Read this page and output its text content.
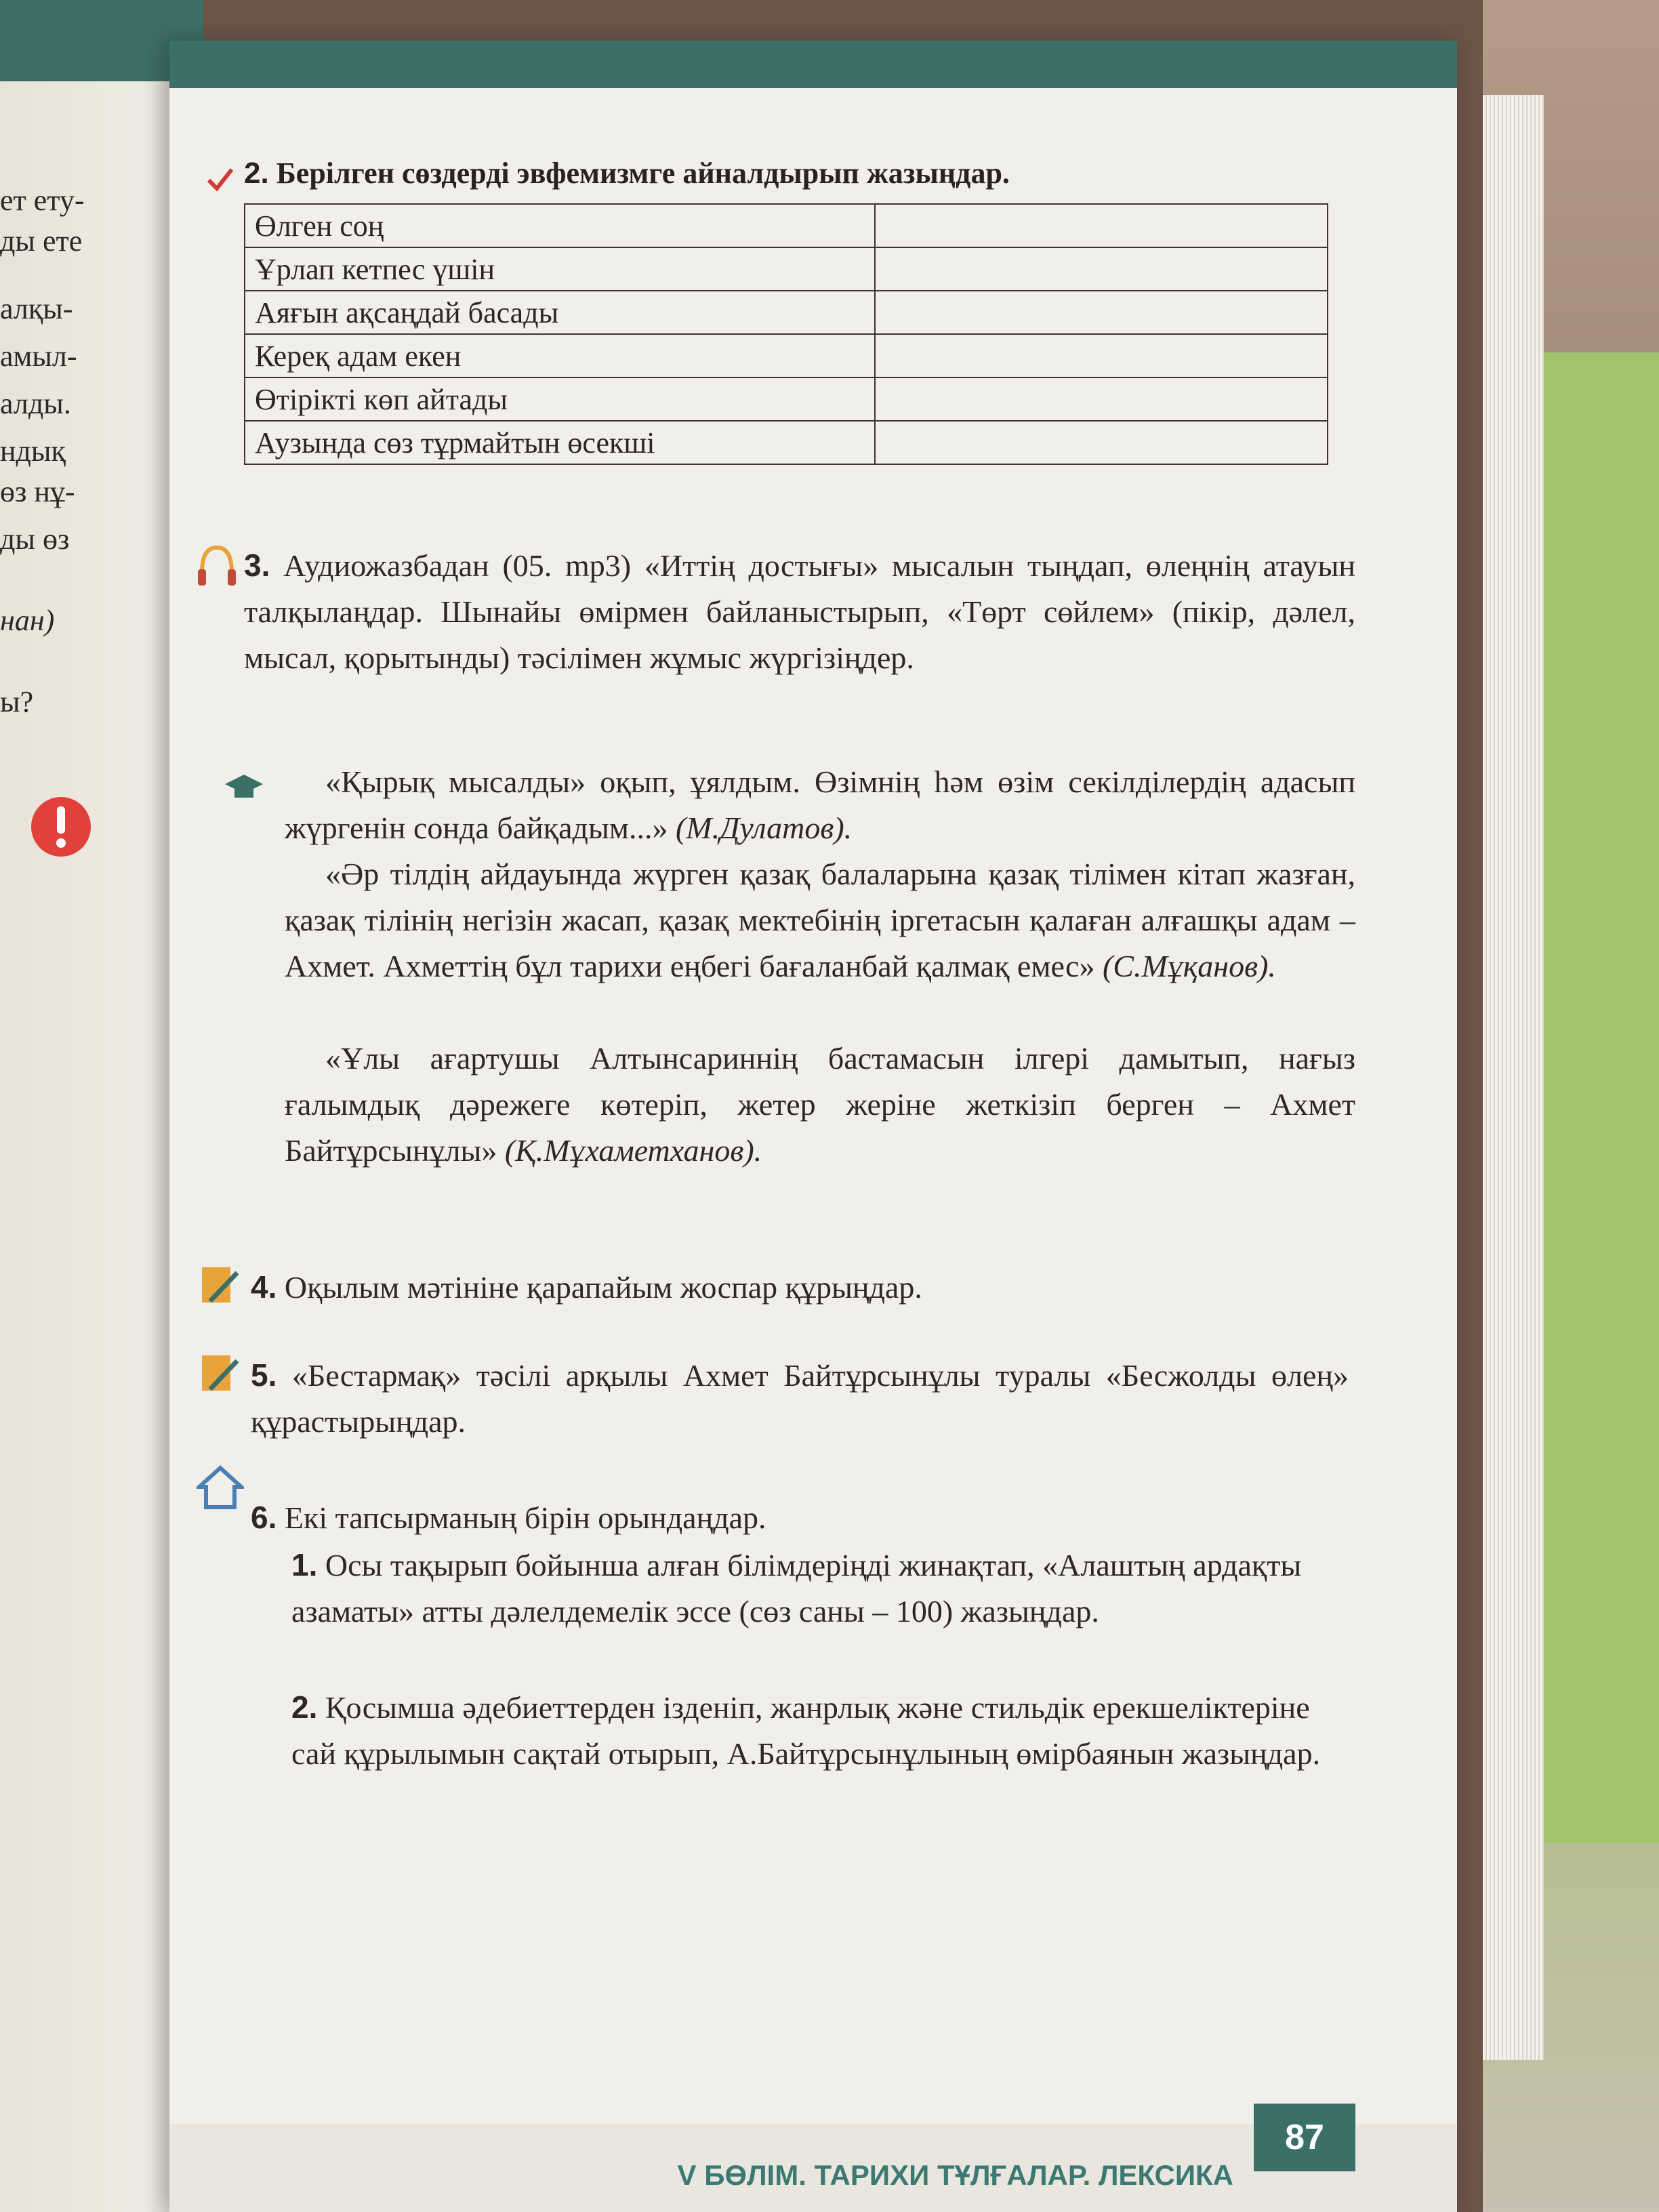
ет ету-
ды ете
алқы-
амыл-
алды.
ндық
өз нұ-
ды өз
нан)
ы?
2. Берілген сөздерді эвфемизмге айналдырып жазыңдар.
Өлген соң	
Ұрлап кетпес үшін	
Аяғын ақсаңдай басады	
Кереқ адам екен	
Өтірікті көп айтады	
Аузында сөз тұрмайтын өсекші	
3. Аудиожазбадан (05. mp3) «Иттің достығы» мысалын тыңдап, өлеңнің атауын талқылаңдар. Шынайы өмірмен байланыстырып, «Төрт сөйлем» (пікір, дәлел, мысал, қорытынды) тәсілімен жұмыс жүргізіңдер.
«Қырық мысалды» оқып, ұялдым. Өзімнің һәм өзім секілділердің адасып жүргенін сонда байқадым...» (М.Дулатов).
«Әр тілдің айдауында жүрген қазақ балаларына қазақ тілімен кітап жазған, қазақ тілінің негізін жасап, қазақ мектебінің іргетасын қалаған алғашқы адам – Ахмет. Ахметтің бұл тарихи еңбегі бағаланбай қалмақ емес» (С.Мұқанов).
«Ұлы ағартушы Алтынсариннің бастамасын ілгері дамытып, нағыз ғалымдық дәрежеге көтеріп, жетер жеріне жеткізіп берген – Ахмет Байтұрсынұлы» (Қ.Мұхаметханов).
4. Оқылым мәтініне қарапайым жоспар құрыңдар.
5. «Бестармақ» тәсілі арқылы Ахмет Байтұрсынұлы туралы «Бесжолды өлең» құрастырыңдар.
6. Екі тапсырманың бірін орындаңдар.
1. Осы тақырып бойынша алған білімдеріңді жинақтап, «Алаштың ардақты азаматы» атты дәлелдемелік эссе (сөз саны – 100) жазыңдар.
2. Қосымша әдебиеттерден ізденіп, жанрлық және стильдік ерекшеліктеріне сай құрылымын сақтай отырып, А.Байтұрсынұлының өмірбаянын жазыңдар.
V БӨЛІМ. ТАРИХИ ТҰЛҒАЛАР. ЛЕКСИКА
87
